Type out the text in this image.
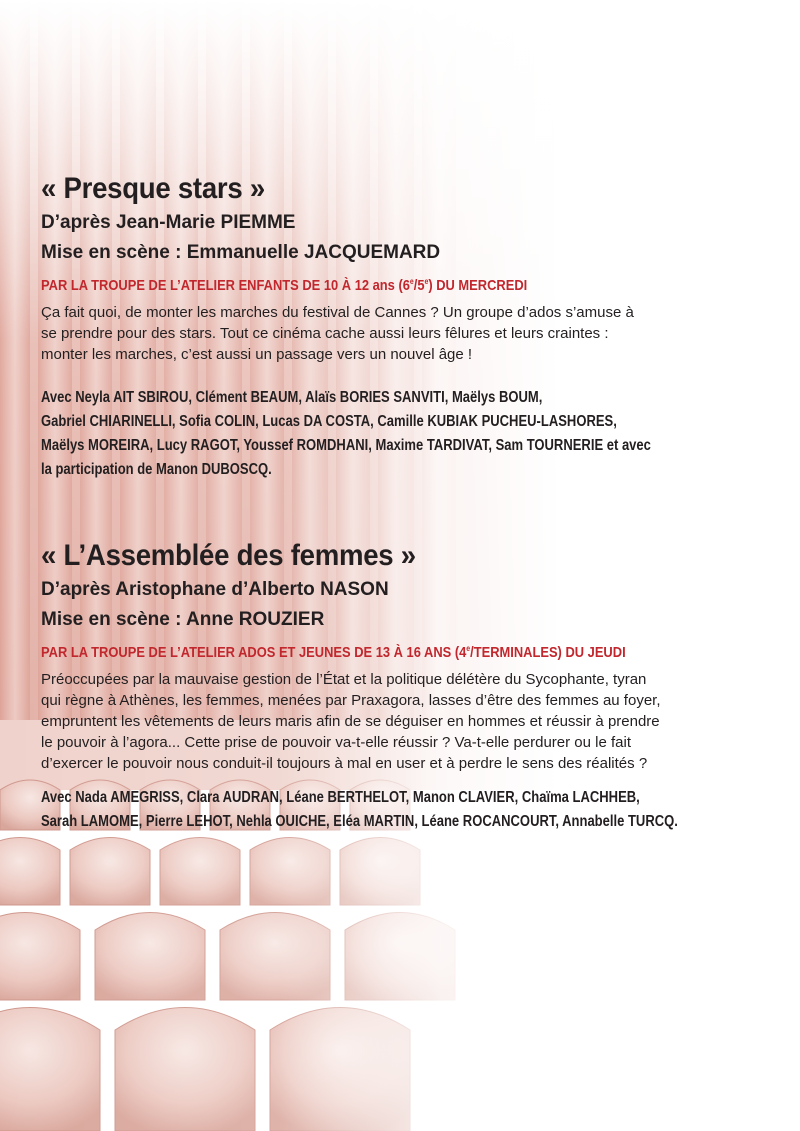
« Presque stars »

D’après Jean-Marie PIEMME

Mise en scène : Emmanuelle JACQUEMARD

PAR LA TROUPE DE L’ATELIER ENFANTS DE 10 À 12 ans (6e/5e) DU MERCREDI

Ça fait quoi, de monter les marches du festival de Cannes ? Un groupe d’ados s’amuse à
se prendre pour des stars. Tout ce cinéma cache aussi leurs fêlures et leurs craintes :
monter les marches, c’est aussi un passage vers un nouvel âge !

Avec Neyla AIT SBIROU, Clément BEAUM, Alaïs BORIES SANVITI, Maëlys BOUM,
Gabriel CHIARINELLI, Sofia COLIN, Lucas DA COSTA, Camille KUBIAK PUCHEU-LASHORES,
Maëlys MOREIRA, Lucy RAGOT, Youssef ROMDHANI, Maxime TARDIVAT, Sam TOURNERIE et avec
la participation de Manon DUBOSCQ.

« L’Assemblée des femmes »

D’après Aristophane d’Alberto NASON

Mise en scène : Anne ROUZIER

PAR LA TROUPE DE L’ATELIER ADOS ET JEUNES DE 13 À 16 ANS (4e/TERMINALES) DU JEUDI

Préoccupées par la mauvaise gestion de l’État et la politique délétère du Sycophante, tyran
qui règne à Athènes, les femmes, menées par Praxagora, lasses d’être des femmes au foyer,
empruntent les vêtements de leurs maris afin de se déguiser en hommes et réussir à prendre
le pouvoir à l’agora... Cette prise de pouvoir va-t-elle réussir ? Va-t-elle perdurer ou le fait
d’exercer le pouvoir nous conduit-il toujours à mal en user et à perdre le sens des réalités ?

Avec Nada AMEGRISS, Clara AUDRAN, Léane BERTHELOT, Manon CLAVIER, Chaïma LACHHEB,
Sarah LAMOME, Pierre LEHOT, Nehla OUICHE, Eléa MARTIN, Léane ROCANCOURT, Annabelle TURCQ.
